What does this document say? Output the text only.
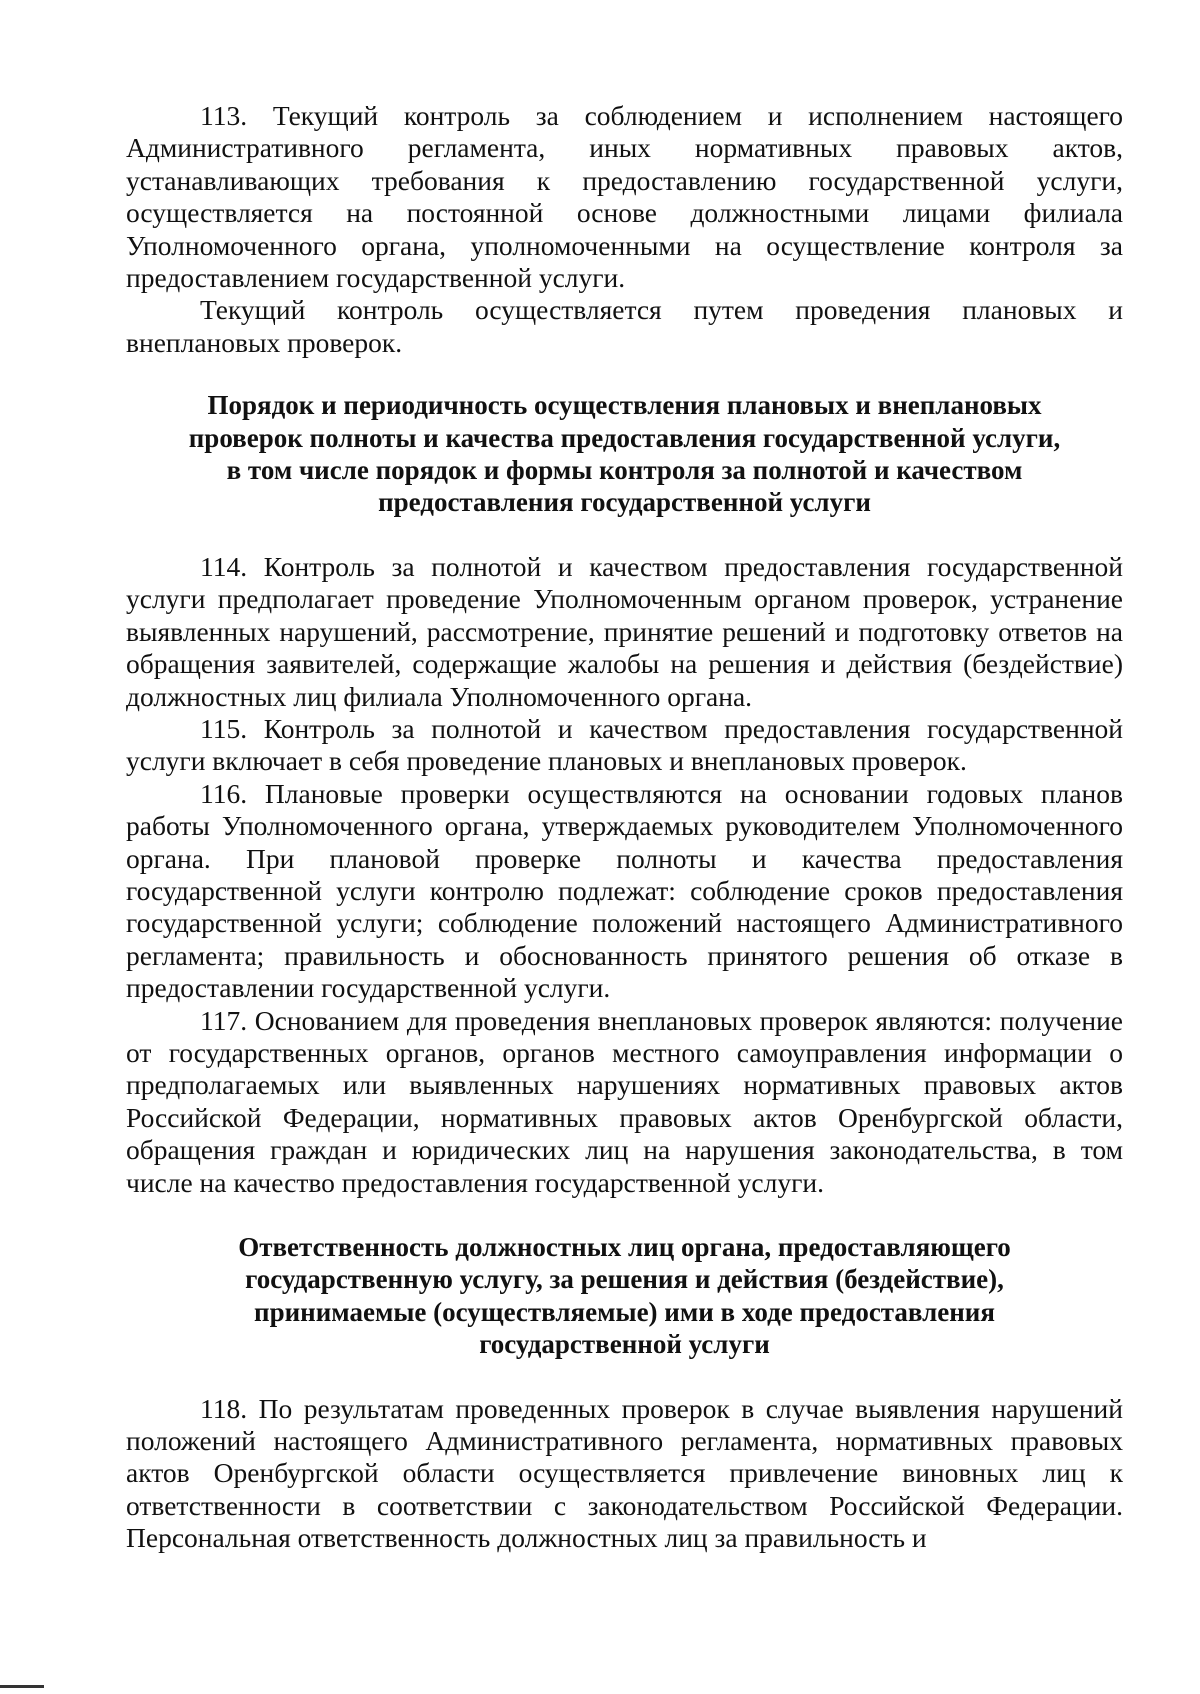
113. Текущий контроль за соблюдением и исполнением настоящего Административного регламента, иных нормативных правовых актов, устанавливающих требования к предоставлению государственной услуги, осуществляется на постоянной основе должностными лицами филиала Уполномоченного органа, уполномоченными на осуществление контроля за предоставлением государственной услуги.

Текущий контроль осуществляется путем проведения плановых и внеплановых проверок.

Порядок и периодичность осуществления плановых и внеплановых проверок полноты и качества предоставления государственной услуги, в том числе порядок и формы контроля за полнотой и качеством предоставления государственной услуги

114. Контроль за полнотой и качеством предоставления государственной услуги предполагает проведение Уполномоченным органом проверок, устранение выявленных нарушений, рассмотрение, принятие решений и подготовку ответов на обращения заявителей, содержащие жалобы на решения и действия (бездействие) должностных лиц филиала Уполномоченного органа.

115. Контроль за полнотой и качеством предоставления государственной услуги включает в себя проведение плановых и внеплановых проверок.

116. Плановые проверки осуществляются на основании годовых планов работы Уполномоченного органа, утверждаемых руководителем Уполномоченного органа. При плановой проверке полноты и качества предоставления государственной услуги контролю подлежат: соблюдение сроков предоставления государственной услуги; соблюдение положений настоящего Административного регламента; правильность и обоснованность принятого решения об отказе в предоставлении государственной услуги.

117. Основанием для проведения внеплановых проверок являются: получение от государственных органов, органов местного самоуправления информации о предполагаемых или выявленных нарушениях нормативных правовых актов Российской Федерации, нормативных правовых актов Оренбургской области, обращения граждан и юридических лиц на нарушения законодательства, в том числе на качество предоставления государственной услуги.

Ответственность должностных лиц органа, предоставляющего государственную услугу, за решения и действия (бездействие), принимаемые (осуществляемые) ими в ходе предоставления государственной услуги

118. По результатам проведенных проверок в случае выявления нарушений положений настоящего Административного регламента, нормативных правовых актов Оренбургской области осуществляется привлечение виновных лиц к ответственности в соответствии с законодательством Российской Федерации. Персональная ответственность должностных лиц за правильность и
